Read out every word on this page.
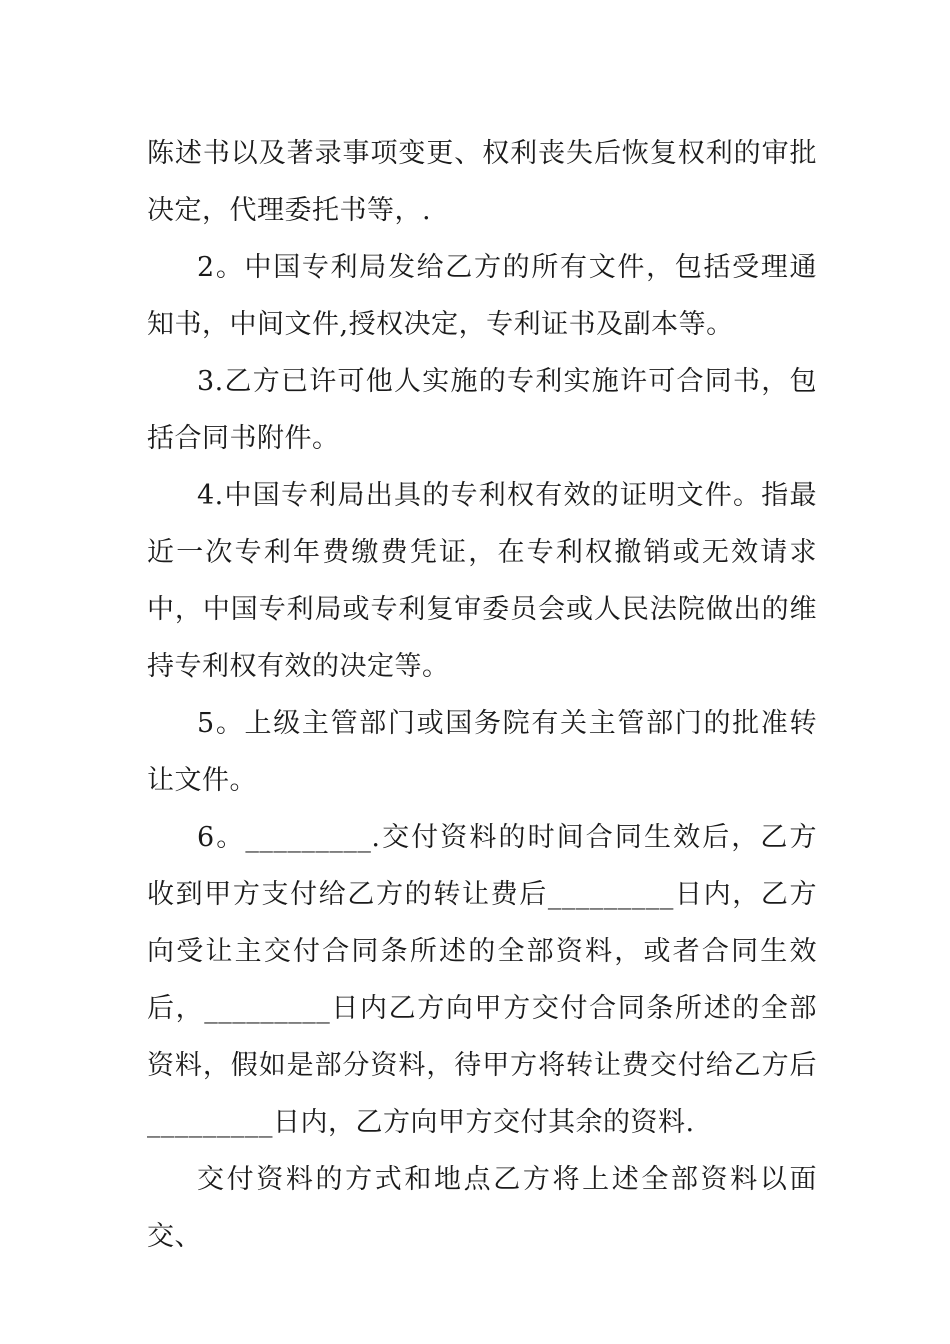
陈述书以及著录事项变更、权利丧失后恢复权利的审批决定，代理委托书等，.

2。中国专利局发给乙方的所有文件，包括受理通知书，中间文件,授权决定，专利证书及副本等。

3.乙方已许可他人实施的专利实施许可合同书，包括合同书附件。

4.中国专利局出具的专利权有效的证明文件。指最近一次专利年费缴费凭证，在专利权撤销或无效请求中，中国专利局或专利复审委员会或人民法院做出的维持专利权有效的决定等。

5。上级主管部门或国务院有关主管部门的批准转让文件。

6。_________.交付资料的时间合同生效后，乙方收到甲方支付给乙方的转让费后_________日内，乙方向受让主交付合同条所述的全部资料，或者合同生效后，_________日内乙方向甲方交付合同条所述的全部资料，假如是部分资料，待甲方将转让费交付给乙方后_________日内，乙方向甲方交付其余的资料.

交付资料的方式和地点乙方将上述全部资料以面交、
